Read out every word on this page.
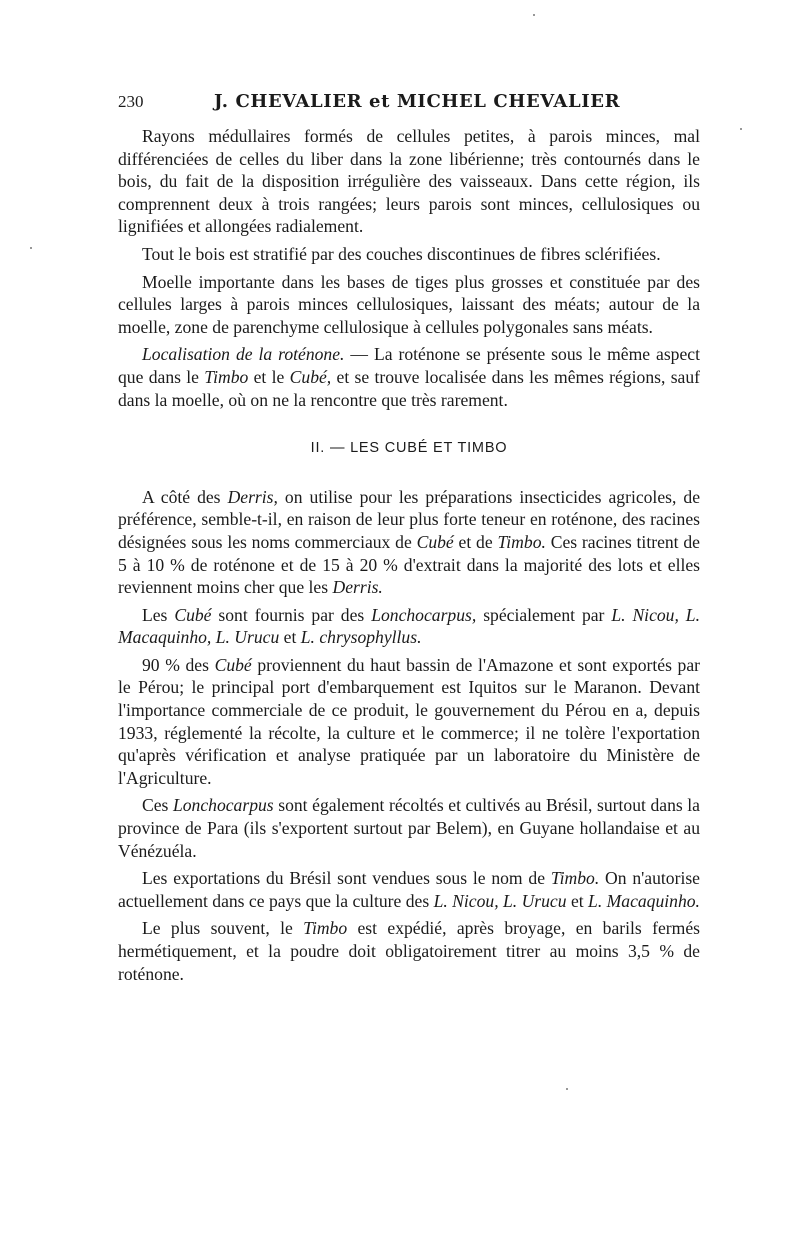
230	J. CHEVALIER et MICHEL CHEVALIER

Rayons médullaires formés de cellules petites, à parois minces, mal différenciées de celles du liber dans la zone libérienne; très contournés dans le bois, du fait de la disposition irrégulière des vaisseaux. Dans cette région, ils comprennent deux à trois rangées; leurs parois sont minces, cellulosiques ou lignifiées et allongées radialement.

Tout le bois est stratifié par des couches discontinues de fibres sclérifiées.

Moelle importante dans les bases de tiges plus grosses et constituée par des cellules larges à parois minces cellulosiques, laissant des méats; autour de la moelle, zone de parenchyme cellulosique à cellules polygonales sans méats.

Localisation de la roténone. — La roténone se présente sous le même aspect que dans le Timbo et le Cubé, et se trouve localisée dans les mêmes régions, sauf dans la moelle, où on ne la rencontre que très rarement.

II. — LES CUBÉ ET TIMBO

A côté des Derris, on utilise pour les préparations insecticides agricoles, de préférence, semble-t-il, en raison de leur plus forte teneur en roténone, des racines désignées sous les noms commerciaux de Cubé et de Timbo. Ces racines titrent de 5 à 10 % de roténone et de 15 à 20 % d'extrait dans la majorité des lots et elles reviennent moins cher que les Derris.

Les Cubé sont fournis par des Lonchocarpus, spécialement par L. Nicou, L. Macaquinho, L. Urucu et L. chrysophyllus.

90 % des Cubé proviennent du haut bassin de l'Amazone et sont exportés par le Pérou; le principal port d'embarquement est Iquitos sur le Maranon. Devant l'importance commerciale de ce produit, le gouvernement du Pérou en a, depuis 1933, réglementé la récolte, la culture et le commerce; il ne tolère l'exportation qu'après vérification et analyse pratiquée par un laboratoire du Ministère de l'Agriculture.

Ces Lonchocarpus sont également récoltés et cultivés au Brésil, surtout dans la province de Para (ils s'exportent surtout par Belem), en Guyane hollandaise et au Vénézuéla.

Les exportations du Brésil sont vendues sous le nom de Timbo. On n'autorise actuellement dans ce pays que la culture des L. Nicou, L. Urucu et L. Macaquinho.

Le plus souvent, le Timbo est expédié, après broyage, en barils fermés hermétiquement, et la poudre doit obligatoirement titrer au moins 3,5 % de roténone.
